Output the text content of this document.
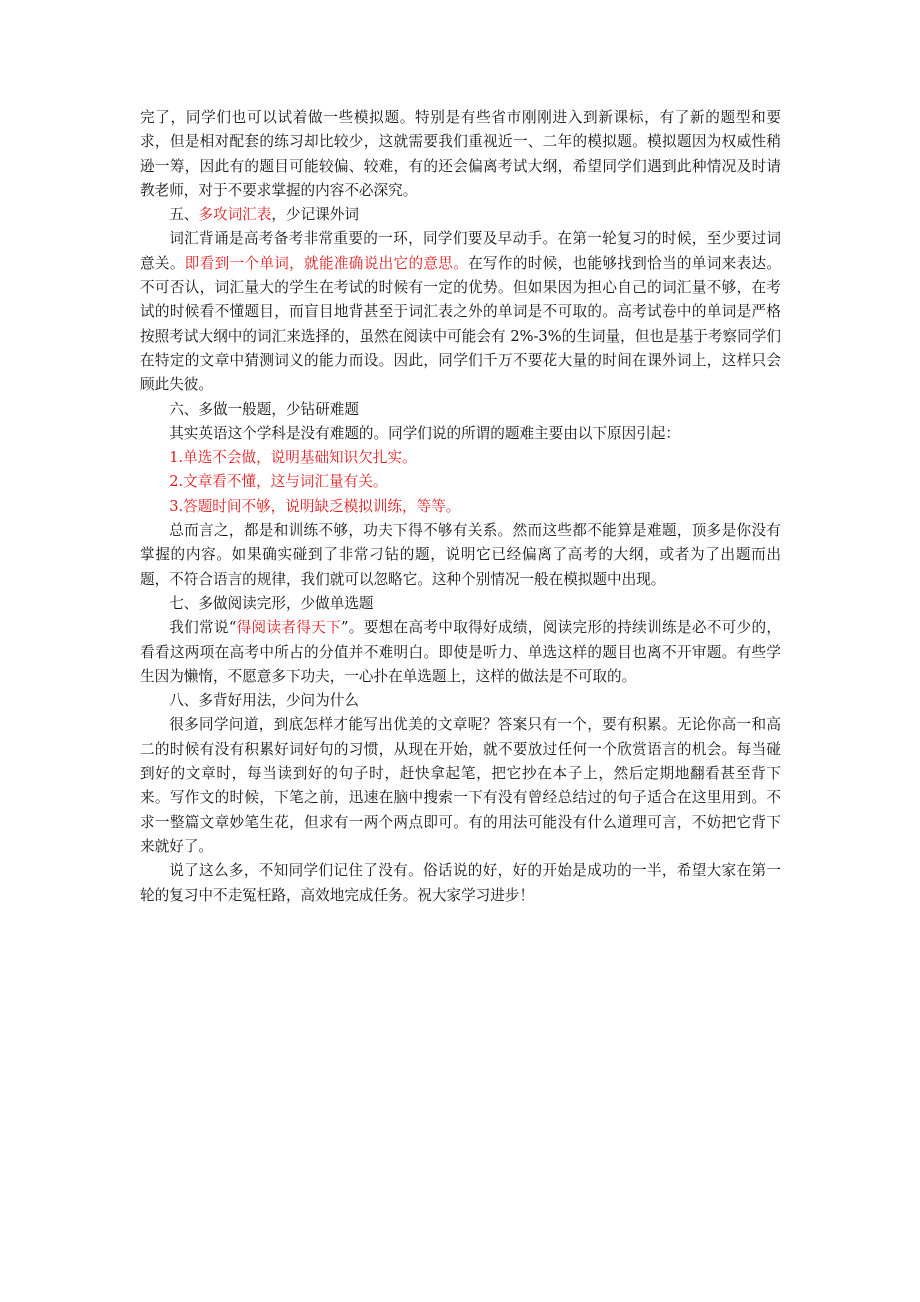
完了，同学们也可以试着做一些模拟题。特别是有些省市刚刚进入到新课标，有了新的题型和要求，但是相对配套的练习却比较少，这就需要我们重视近一、二年的模拟题。模拟题因为权威性稍逊一筹，因此有的题目可能较偏、较难，有的还会偏离考试大纲，希望同学们遇到此种情况及时请教老师，对于不要求掌握的内容不必深究。

五、多攻词汇表，少记课外词

词汇背诵是高考备考非常重要的一环，同学们要及早动手。在第一轮复习的时候，至少要过词意关。即看到一个单词，就能准确说出它的意思。在写作的时候，也能够找到恰当的单词来表达。不可否认，词汇量大的学生在考试的时候有一定的优势。但如果因为担心自己的词汇量不够，在考试的时候看不懂题目，而盲目地背甚至于词汇表之外的单词是不可取的。高考试卷中的单词是严格按照考试大纲中的词汇来选择的，虽然在阅读中可能会有 2%-3%的生词量，但也是基于考察同学们在特定的文章中猜测词义的能力而设。因此，同学们千万不要花大量的时间在课外词上，这样只会顾此失彼。

六、多做一般题，少钻研难题

其实英语这个学科是没有难题的。同学们说的所谓的题难主要由以下原因引起：

1.单选不会做，说明基础知识欠扎实。

2.文章看不懂，这与词汇量有关。

3.答题时间不够，说明缺乏模拟训练，等等。

总而言之，都是和训练不够，功夫下得不够有关系。然而这些都不能算是难题，顶多是你没有掌握的内容。如果确实碰到了非常刁钻的题，说明它已经偏离了高考的大纲，或者为了出题而出题，不符合语言的规律，我们就可以忽略它。这种个别情况一般在模拟题中出现。

七、多做阅读完形，少做单选题

我们常说“得阅读者得天下”。要想在高考中取得好成绩，阅读完形的持续训练是必不可少的，看看这两项在高考中所占的分值并不难明白。即使是听力、单选这样的题目也离不开审题。有些学生因为懒惰，不愿意多下功夫，一心扑在单选题上，这样的做法是不可取的。

八、多背好用法，少问为什么

很多同学问道，到底怎样才能写出优美的文章呢？答案只有一个，要有积累。无论你高一和高二的时候有没有积累好词好句的习惯，从现在开始，就不要放过任何一个欣赏语言的机会。每当碰到好的文章时，每当读到好的句子时，赶快拿起笔，把它抄在本子上，然后定期地翻看甚至背下来。写作文的时候，下笔之前，迅速在脑中搜索一下有没有曾经总结过的句子适合在这里用到。不求一整篇文章妙笔生花，但求有一两个两点即可。有的用法可能没有什么道理可言，不妨把它背下来就好了。

说了这么多，不知同学们记住了没有。俗话说的好，好的开始是成功的一半，希望大家在第一轮的复习中不走冤枉路，高效地完成任务。祝大家学习进步！
